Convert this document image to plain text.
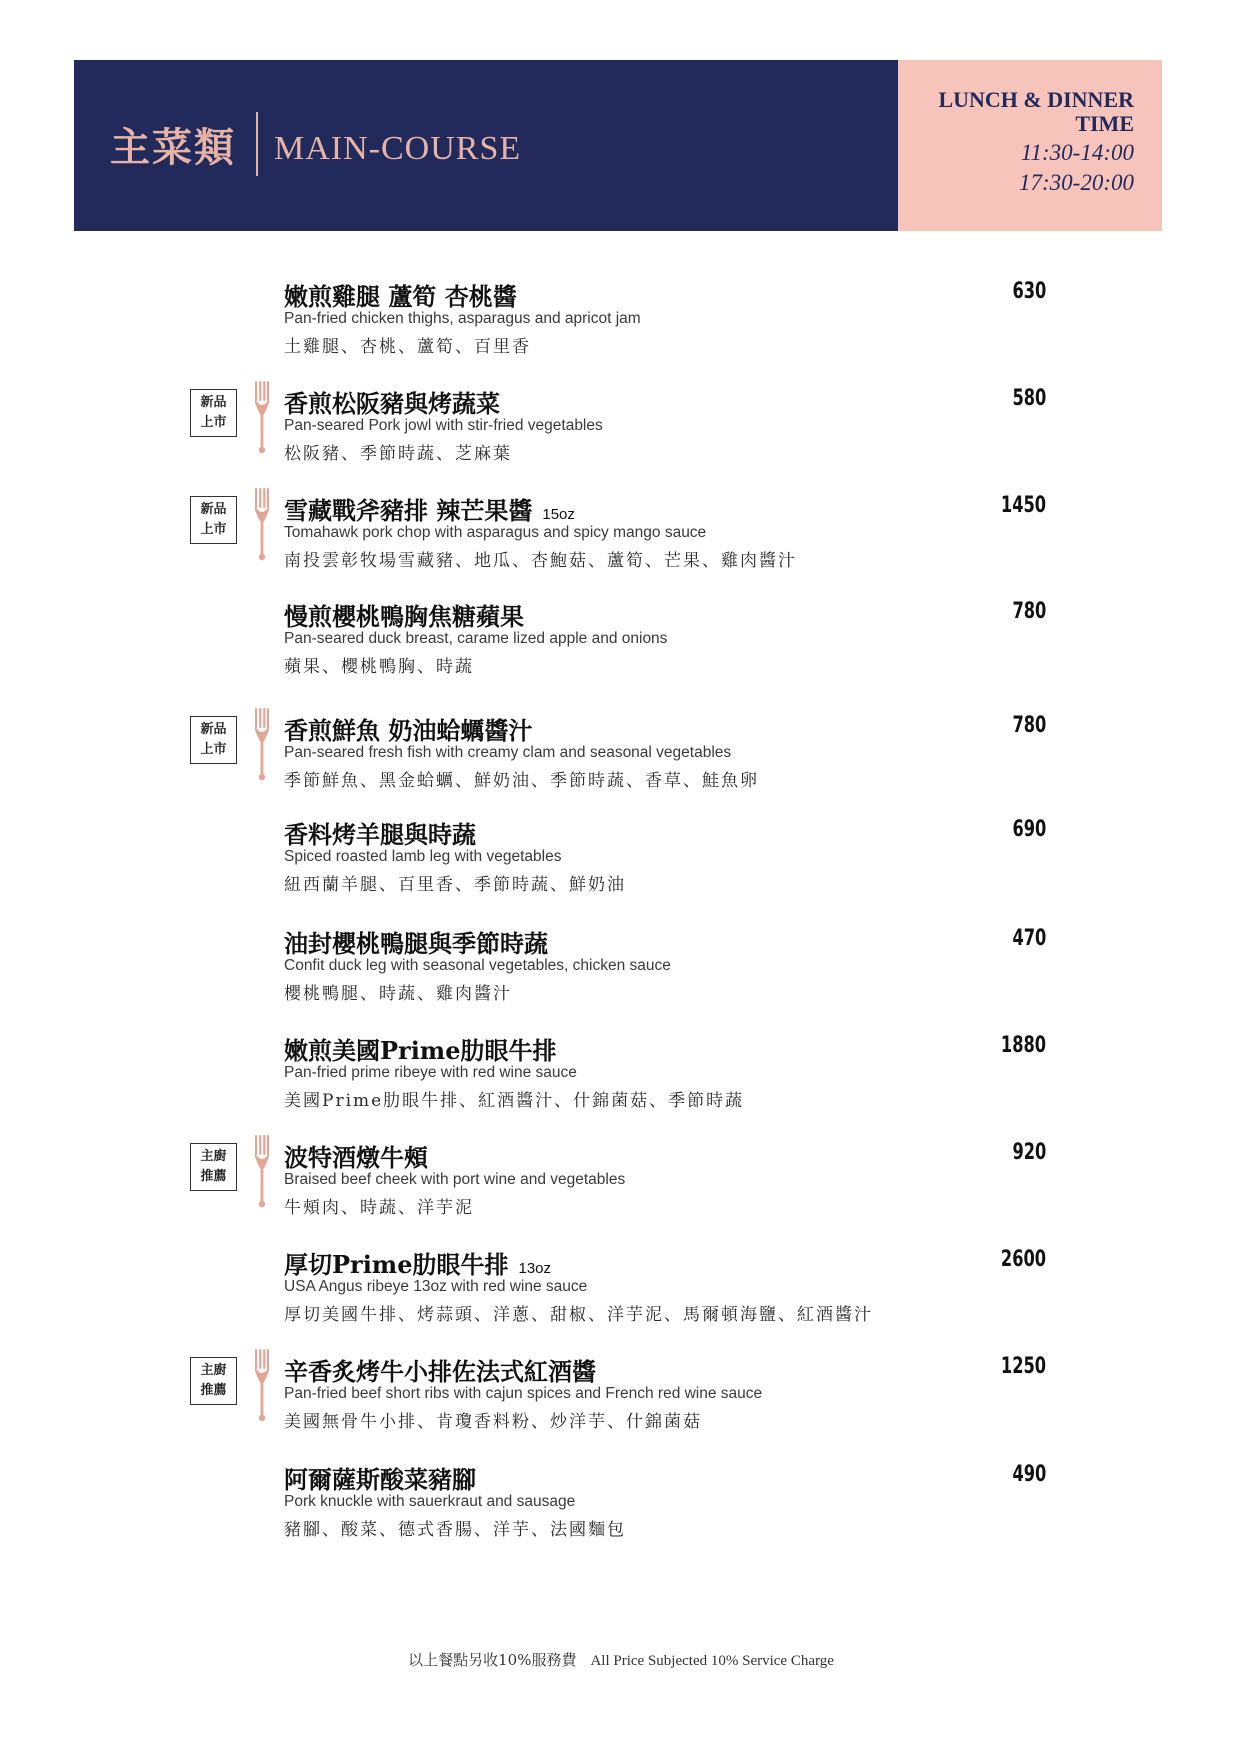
主菜類 MAIN-COURSE
LUNCH & DINNER
TIME
11:30-14:00
17:30-20:00
嫩煎雞腿 蘆筍 杏桃醬
Pan-fried chicken thighs, asparagus and apricot jam
土雞腿、杏桃、蘆筍、百里香
630
新品
上市
香煎松阪豬與烤蔬菜
Pan-seared Pork jowl with stir-fried vegetables
松阪豬、季節時蔬、芝麻葉
580
新品
上市
雪藏戰斧豬排 辣芒果醬 15oz
Tomahawk pork chop with asparagus and spicy mango sauce
南投雲彰牧場雪藏豬、地瓜、杏鮑菇、蘆筍、芒果、雞肉醬汁
1450
慢煎櫻桃鴨胸焦糖蘋果
Pan-seared duck breast, carame lized apple and onions
蘋果、櫻桃鴨胸、時蔬
780
新品
上市
香煎鮮魚 奶油蛤蠣醬汁
Pan-seared fresh fish with creamy clam and seasonal vegetables
季節鮮魚、黑金蛤蠣、鮮奶油、季節時蔬、香草、鮭魚卵
780
香料烤羊腿與時蔬
Spiced roasted lamb leg with vegetables
紐西蘭羊腿、百里香、季節時蔬、鮮奶油
690
油封櫻桃鴨腿與季節時蔬
Confit duck leg with seasonal vegetables, chicken sauce
櫻桃鴨腿、時蔬、雞肉醬汁
470
嫩煎美國Prime肋眼牛排
Pan-fried prime ribeye with red wine sauce
美國Prime肋眼牛排、紅酒醬汁、什錦菌菇、季節時蔬
1880
主廚
推薦
波特酒燉牛頰
Braised beef cheek with port wine and vegetables
牛頰肉、時蔬、洋芋泥
920
厚切Prime肋眼牛排 13oz
USA Angus ribeye 13oz with red wine sauce
厚切美國牛排、烤蒜頭、洋蔥、甜椒、洋芋泥、馬爾頓海鹽、紅酒醬汁
2600
主廚
推薦
辛香炙烤牛小排佐法式紅酒醬
Pan-fried beef short ribs with cajun spices and French red wine sauce
美國無骨牛小排、肯瓊香料粉、炒洋芋、什錦菌菇
1250
阿爾薩斯酸菜豬腳
Pork knuckle with sauerkraut and sausage
豬腳、酸菜、德式香腸、洋芋、法國麵包
490
以上餐點另收10%服務費 All Price Subjected 10% Service Charge
